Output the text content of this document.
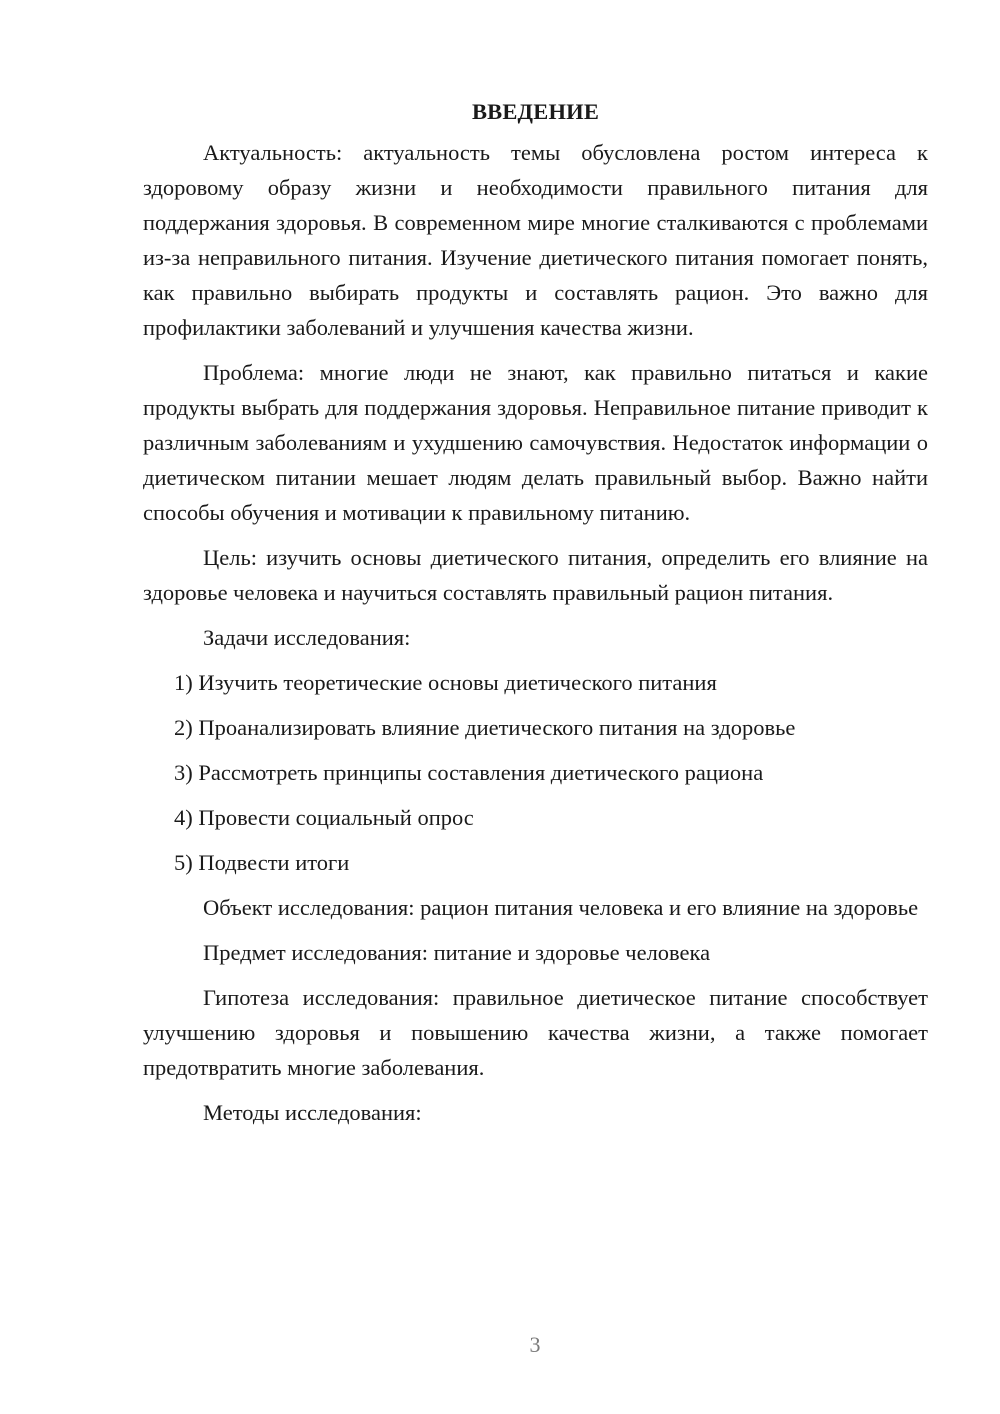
ВВЕДЕНИЕ

Актуальность: актуальность темы обусловлена ростом интереса к здоровому образу жизни и необходимости правильного питания для поддержания здоровья. В современном мире многие сталкиваются с проблемами из-за неправильного питания. Изучение диетического питания помогает понять, как правильно выбирать продукты и составлять рацион. Это важно для профилактики заболеваний и улучшения качества жизни.

Проблема: многие люди не знают, как правильно питаться и какие продукты выбрать для поддержания здоровья. Неправильное питание приводит к различным заболеваниям и ухудшению самочувствия. Недостаток информации о диетическом питании мешает людям делать правильный выбор. Важно найти способы обучения и мотивации к правильному питанию.

Цель: изучить основы диетического питания, определить его влияние на здоровье человека и научиться составлять правильный рацион питания.

Задачи исследования:

1) Изучить теоретические основы диетического питания
2) Проанализировать влияние диетического питания на здоровье
3) Рассмотреть принципы составления диетического рациона
4) Провести социальный опрос
5) Подвести итоги

Объект исследования: рацион питания человека и его влияние на здоровье

Предмет исследования: питание и здоровье человека

Гипотеза исследования: правильное диетическое питание способствует улучшению здоровья и повышению качества жизни, а также помогает предотвратить многие заболевания.

Методы исследования:

3
